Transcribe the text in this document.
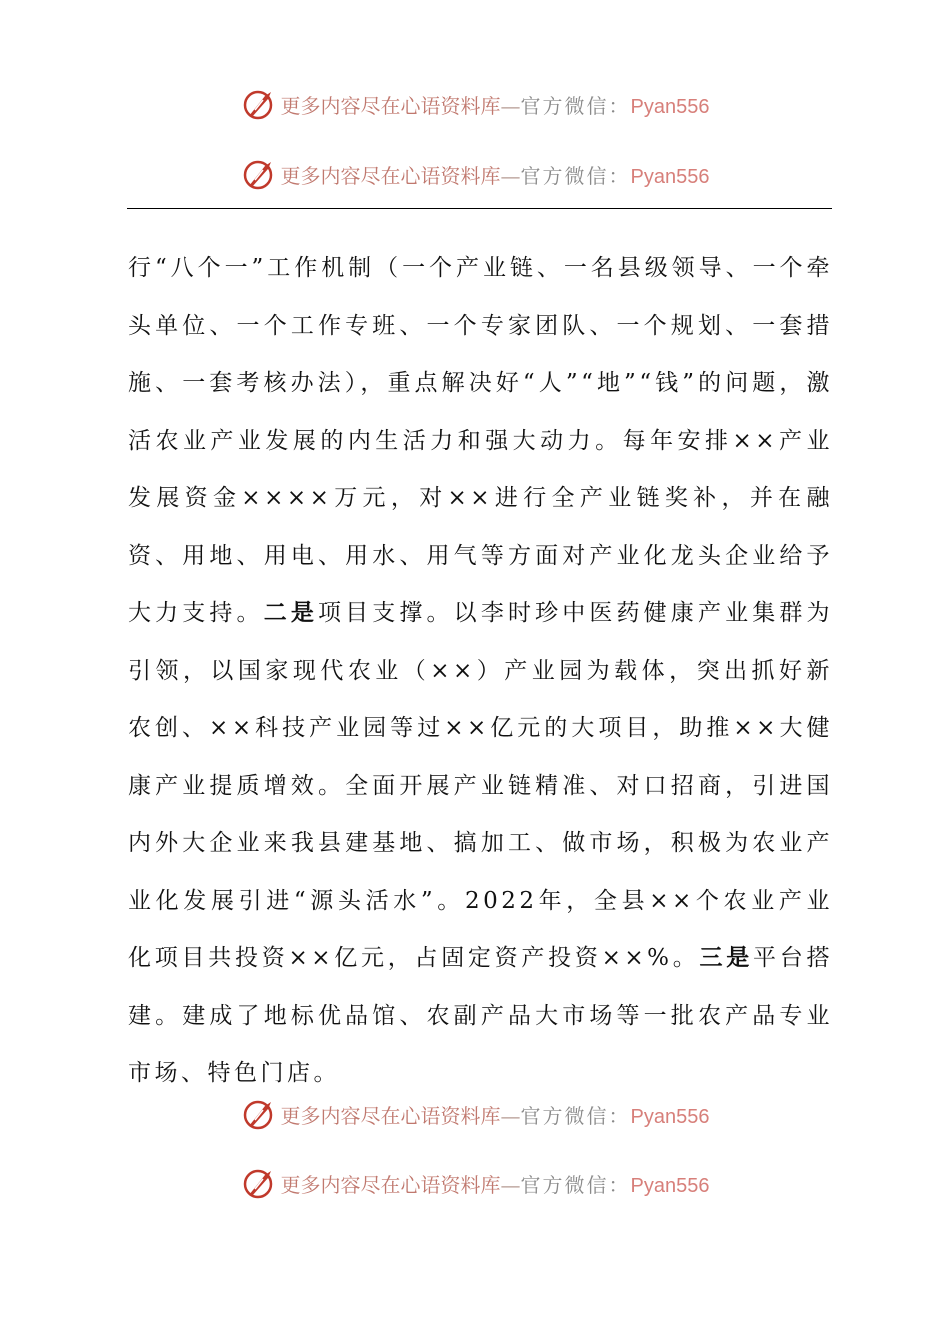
更多内容尽在心语资料库—官方微信：Pyan556
更多内容尽在心语资料库—官方微信：Pyan556
行“八个一”工作机制（一个产业链、一名县级领导、一个牵头单位、一个工作专班、一个专家团队、一个规划、一套措施、一套考核办法），重点解决好“人”“地”“钱”的问题，激活农业产业发展的内生活力和强大动力。每年安排××产业发展资金××××万元，对××进行全产业链奖补，并在融资、用地、用电、用水、用气等方面对产业化龙头企业给予大力支持。二是项目支撑。以李时珍中医药健康产业集群为引领，以国家现代农业（××）产业园为载体，突出抓好新农创、××科技产业园等过××亿元的大项目，助推××大健康产业提质增效。全面开展产业链精准、对口招商，引进国内外大企业来我县建基地、搞加工、做市场，积极为农业产业化发展引进“源头活水”。2022年，全县××个农业产业化项目共投资××亿元，占固定资产投资××%。三是平台搭建。建成了地标优品馆、农副产品大市场等一批农产品专业市场、特色门店。
更多内容尽在心语资料库—官方微信：Pyan556
更多内容尽在心语资料库—官方微信：Pyan556
